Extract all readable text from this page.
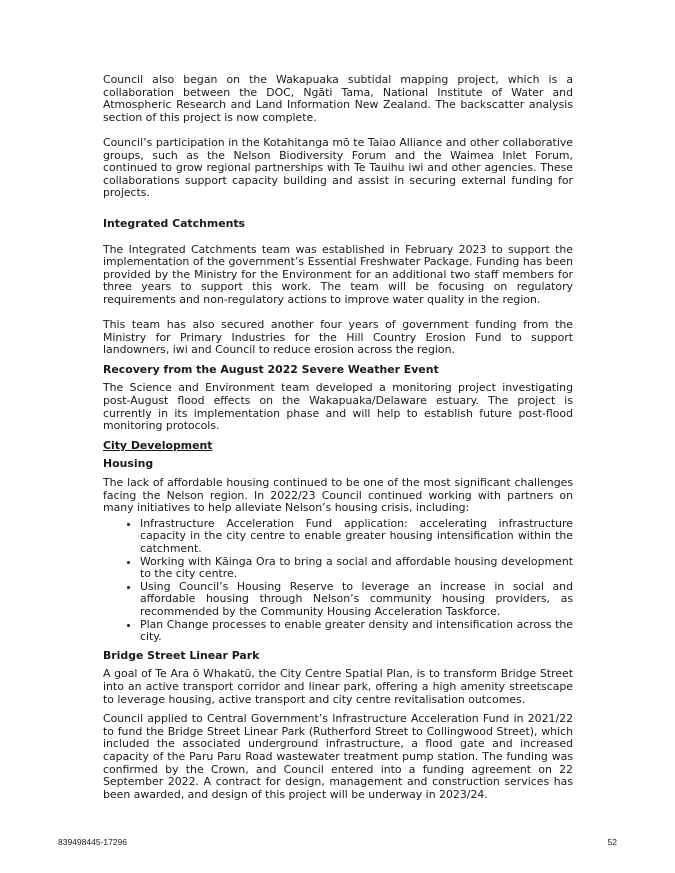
Council also began on the Wakapuaka subtidal mapping project, which is a collaboration between the DOC, Ngāti Tama, National Institute of Water and Atmospheric Research and Land Information New Zealand. The backscatter analysis section of this project is now complete.

Council’s participation in the Kotahitanga mō te Taiao Alliance and other collaborative groups, such as the Nelson Biodiversity Forum and the Waimea Inlet Forum, continued to grow regional partnerships with Te Tauihu iwi and other agencies. These collaborations support capacity building and assist in securing external funding for projects.

Integrated Catchments

The Integrated Catchments team was established in February 2023 to support the implementation of the government’s Essential Freshwater Package. Funding has been provided by the Ministry for the Environment for an additional two staff members for three years to support this work. The team will be focusing on regulatory requirements and non-regulatory actions to improve water quality in the region.

This team has also secured another four years of government funding from the Ministry for Primary Industries for the Hill Country Erosion Fund to support landowners, iwi and Council to reduce erosion across the region.

Recovery from the August 2022 Severe Weather Event

The Science and Environment team developed a monitoring project investigating post-August flood effects on the Wakapuaka/Delaware estuary. The project is currently in its implementation phase and will help to establish future post-flood monitoring protocols.

City Development
Housing

The lack of affordable housing continued to be one of the most significant challenges facing the Nelson region. In 2022/23 Council continued working with partners on many initiatives to help alleviate Nelson’s housing crisis, including:

• Infrastructure Acceleration Fund application: accelerating infrastructure capacity in the city centre to enable greater housing intensification within the catchment.
• Working with Kāinga Ora to bring a social and affordable housing development to the city centre.
• Using Council’s Housing Reserve to leverage an increase in social and affordable housing through Nelson’s community housing providers, as recommended by the Community Housing Acceleration Taskforce.
• Plan Change processes to enable greater density and intensification across the city.
Bridge Street Linear Park

A goal of Te Ara ō Whakatū, the City Centre Spatial Plan, is to transform Bridge Street into an active transport corridor and linear park, offering a high amenity streetscape to leverage housing, active transport and city centre revitalisation outcomes.

Council applied to Central Government’s Infrastructure Acceleration Fund in 2021/22 to fund the Bridge Street Linear Park (Rutherford Street to Collingwood Street), which included the associated underground infrastructure, a flood gate and increased capacity of the Paru Paru Road wastewater treatment pump station. The funding was confirmed by the Crown, and Council entered into a funding agreement on 22 September 2022. A contract for design, management and construction services has been awarded, and design of this project will be underway in 2023/24.

839498445-17296	52
